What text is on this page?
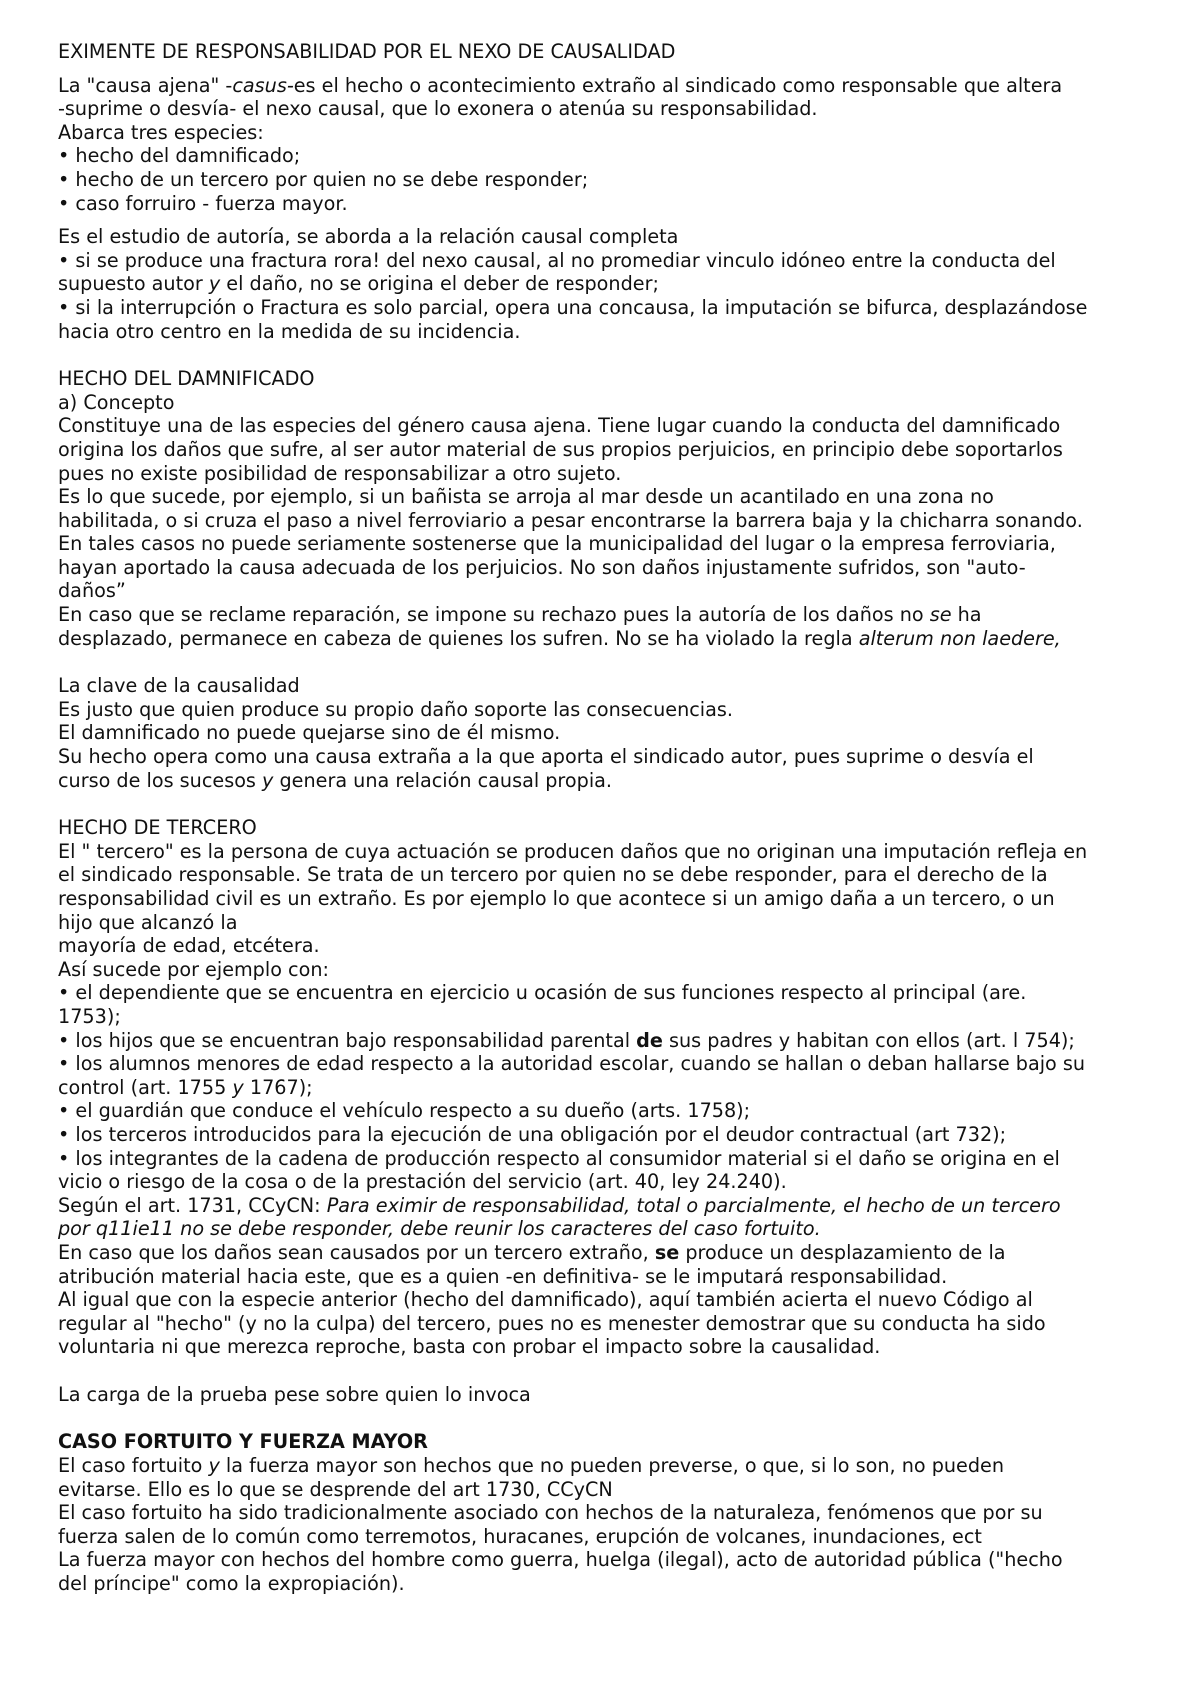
EXIMENTE DE RESPONSABILIDAD POR EL NEXO DE CAUSALIDAD
La "causa ajena" -casus-es el hecho o acontecimiento extraño al sindicado como responsable que altera
-suprime o desvía- el nexo causal, que lo exonera o atenúa su responsabilidad.
Abarca tres especies:
• hecho del damnificado;
• hecho de un tercero por quien no se debe responder;
• caso forruiro - fuerza mayor.
Es el estudio de autoría, se aborda a la relación causal completa
• si se produce una fractura rora! del nexo causal, al no promediar vinculo idóneo entre la conducta del
supuesto autor y el daño, no se origina el deber de responder;
• si la interrupción o Fractura es solo parcial, opera una concausa, la imputación se bifurca, desplazándose
hacia otro centro en la medida de su incidencia.
HECHO DEL DAMNIFICADO
a) Concepto
Constituye una de las especies del género causa ajena. Tiene lugar cuando la conducta del damnificado
origina los daños que sufre, al ser autor material de sus propios perjuicios, en principio debe soportarlos
pues no existe posibilidad de responsabilizar a otro sujeto.
Es lo que sucede, por ejemplo, si un bañista se arroja al mar desde un acantilado en una zona no
habilitada, o si cruza el paso a nivel ferroviario a pesar encontrarse la barrera baja y la chicharra sonando.
En tales casos no puede seriamente sostenerse que la municipalidad del lugar o la empresa ferroviaria,
hayan aportado la causa adecuada de los perjuicios. No son daños injustamente sufridos, son "auto-
daños”
En caso que se reclame reparación, se impone su rechazo pues la autoría de los daños no se ha
desplazado, permanece en cabeza de quienes los sufren. No se ha violado la regla alterum non laedere,
La clave de la causalidad
Es justo que quien produce su propio daño soporte las consecuencias.
El damnificado no puede quejarse sino de él mismo.
Su hecho opera como una causa extraña a la que aporta el sindicado autor, pues suprime o desvía el
curso de los sucesos y genera una relación causal propia.
HECHO DE TERCERO
El " tercero" es la persona de cuya actuación se producen daños que no originan una imputación refleja en
el sindicado responsable. Se trata de un tercero por quien no se debe responder, para el derecho de la
responsabilidad civil es un extraño. Es por ejemplo lo que acontece si un amigo daña a un tercero, o un
hijo que alcanzó la
mayoría de edad, etcétera.
Así sucede por ejemplo con:
• el dependiente que se encuentra en ejercicio u ocasión de sus funciones respecto al principal (are.
1753);
• los hijos que se encuentran bajo responsabilidad parental de sus padres y habitan con ellos (art. l 754);
• los alumnos menores de edad respecto a la autoridad escolar, cuando se hallan o deban hallarse bajo su
control (art. 1755 y 1767);
• el guardián que conduce el vehículo respecto a su dueño (arts. 1758);
• los terceros introducidos para la ejecución de una obligación por el deudor contractual (art 732);
• los integrantes de la cadena de producción respecto al consumidor material si el daño se origina en el
vicio o riesgo de la cosa o de la prestación del servicio (art. 40, ley 24.240).
Según el art. 1731, CCyCN: Para eximir de responsabilidad, total o parcialmente, el hecho de un tercero
por q11ie11 no se debe responder, debe reunir los caracteres del caso fortuito.
En caso que los daños sean causados por un tercero extraño, se produce un desplazamiento de la
atribución material hacia este, que es a quien -en definitiva- se le imputará responsabilidad.
Al igual que con la especie anterior (hecho del damnificado), aquí también acierta el nuevo Código al
regular al "hecho" (y no la culpa) del tercero, pues no es menester demostrar que su conducta ha sido
voluntaria ni que merezca reproche, basta con probar el impacto sobre la causalidad.
La carga de la prueba pese sobre quien lo invoca
CASO FORTUITO Y FUERZA MAYOR
El caso fortuito y la fuerza mayor son hechos que no pueden preverse, o que, si lo son, no pueden
evitarse. Ello es lo que se desprende del art 1730, CCyCN
El caso fortuito ha sido tradicionalmente asociado con hechos de la naturaleza, fenómenos que por su
fuerza salen de lo común como terremotos, huracanes, erupción de volcanes, inundaciones, ect
La fuerza mayor con hechos del hombre como guerra, huelga (ilegal), acto de autoridad pública ("hecho
del príncipe" como la expropiación).
